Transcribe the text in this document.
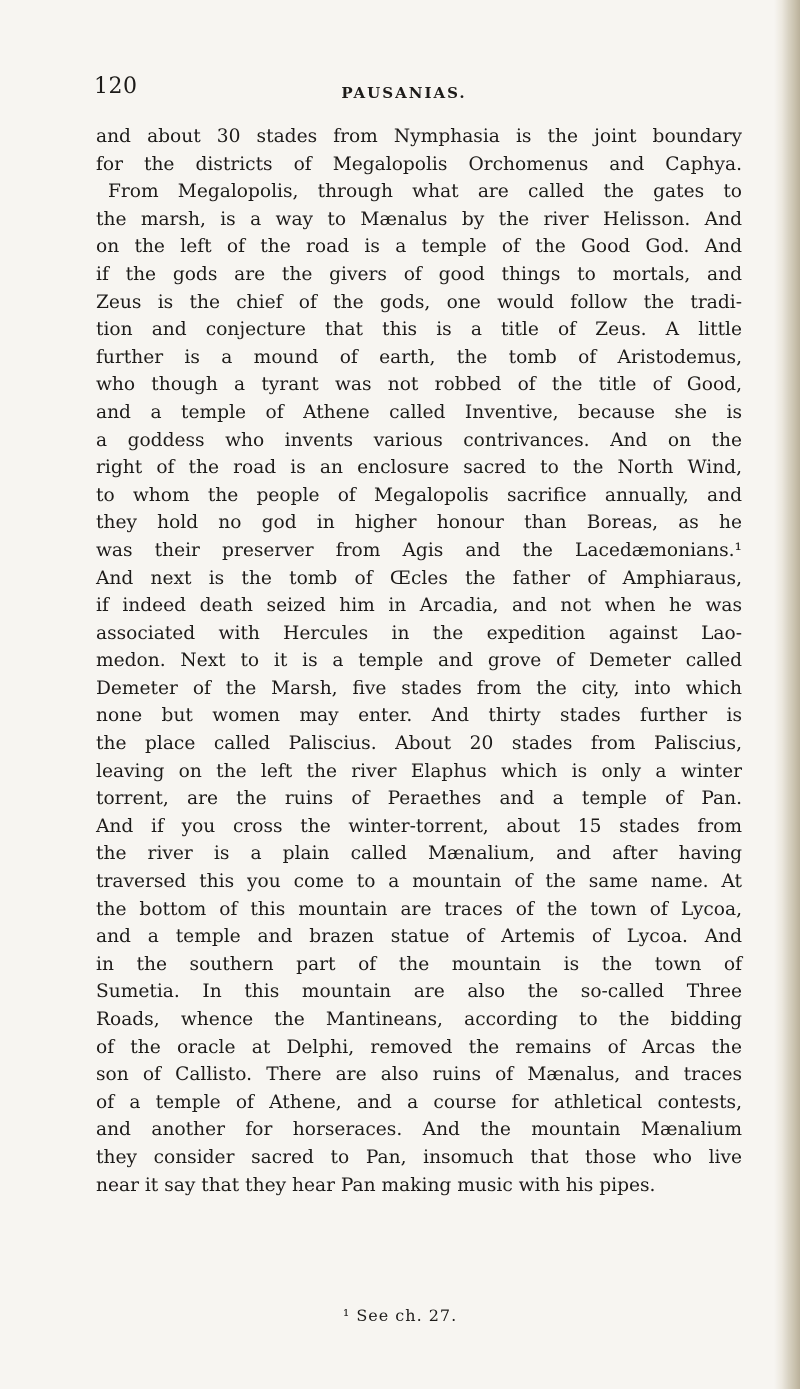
120	PAUSANIAS.
and about 30 stades from Nymphasia is the joint boundary
for the districts of Megalopolis Orchomenus and Caphya.
From Megalopolis, through what are called the gates to
the marsh, is a way to Mænalus by the river Helisson. And
on the left of the road is a temple of the Good God. And
if the gods are the givers of good things to mortals, and
Zeus is the chief of the gods, one would follow the tradi-
tion and conjecture that this is a title of Zeus. A little
further is a mound of earth, the tomb of Aristodemus,
who though a tyrant was not robbed of the title of Good,
and a temple of Athene called Inventive, because she is
a goddess who invents various contrivances. And on the
right of the road is an enclosure sacred to the North Wind,
to whom the people of Megalopolis sacrifice annually, and
they hold no god in higher honour than Boreas, as he
was their preserver from Agis and the Lacedæmonians.¹
And next is the tomb of Œcles the father of Amphiaraus,
if indeed death seized him in Arcadia, and not when he was
associated with Hercules in the expedition against Lao-
medon. Next to it is a temple and grove of Demeter called
Demeter of the Marsh, five stades from the city, into which
none but women may enter. And thirty stades further is
the place called Paliscius. About 20 stades from Paliscius,
leaving on the left the river Elaphus which is only a winter
torrent, are the ruins of Peraethes and a temple of Pan.
And if you cross the winter-torrent, about 15 stades from
the river is a plain called Mænalium, and after having
traversed this you come to a mountain of the same name. At
the bottom of this mountain are traces of the town of Lycoa,
and a temple and brazen statue of Artemis of Lycoa. And
in the southern part of the mountain is the town of
Sumetia. In this mountain are also the so-called Three
Roads, whence the Mantineans, according to the bidding
of the oracle at Delphi, removed the remains of Arcas the
son of Callisto. There are also ruins of Mænalus, and traces
of a temple of Athene, and a course for athletical contests,
and another for horseraces. And the mountain Mænalium
they consider sacred to Pan, insomuch that those who live
near it say that they hear Pan making music with his pipes.
¹ See ch. 27.
